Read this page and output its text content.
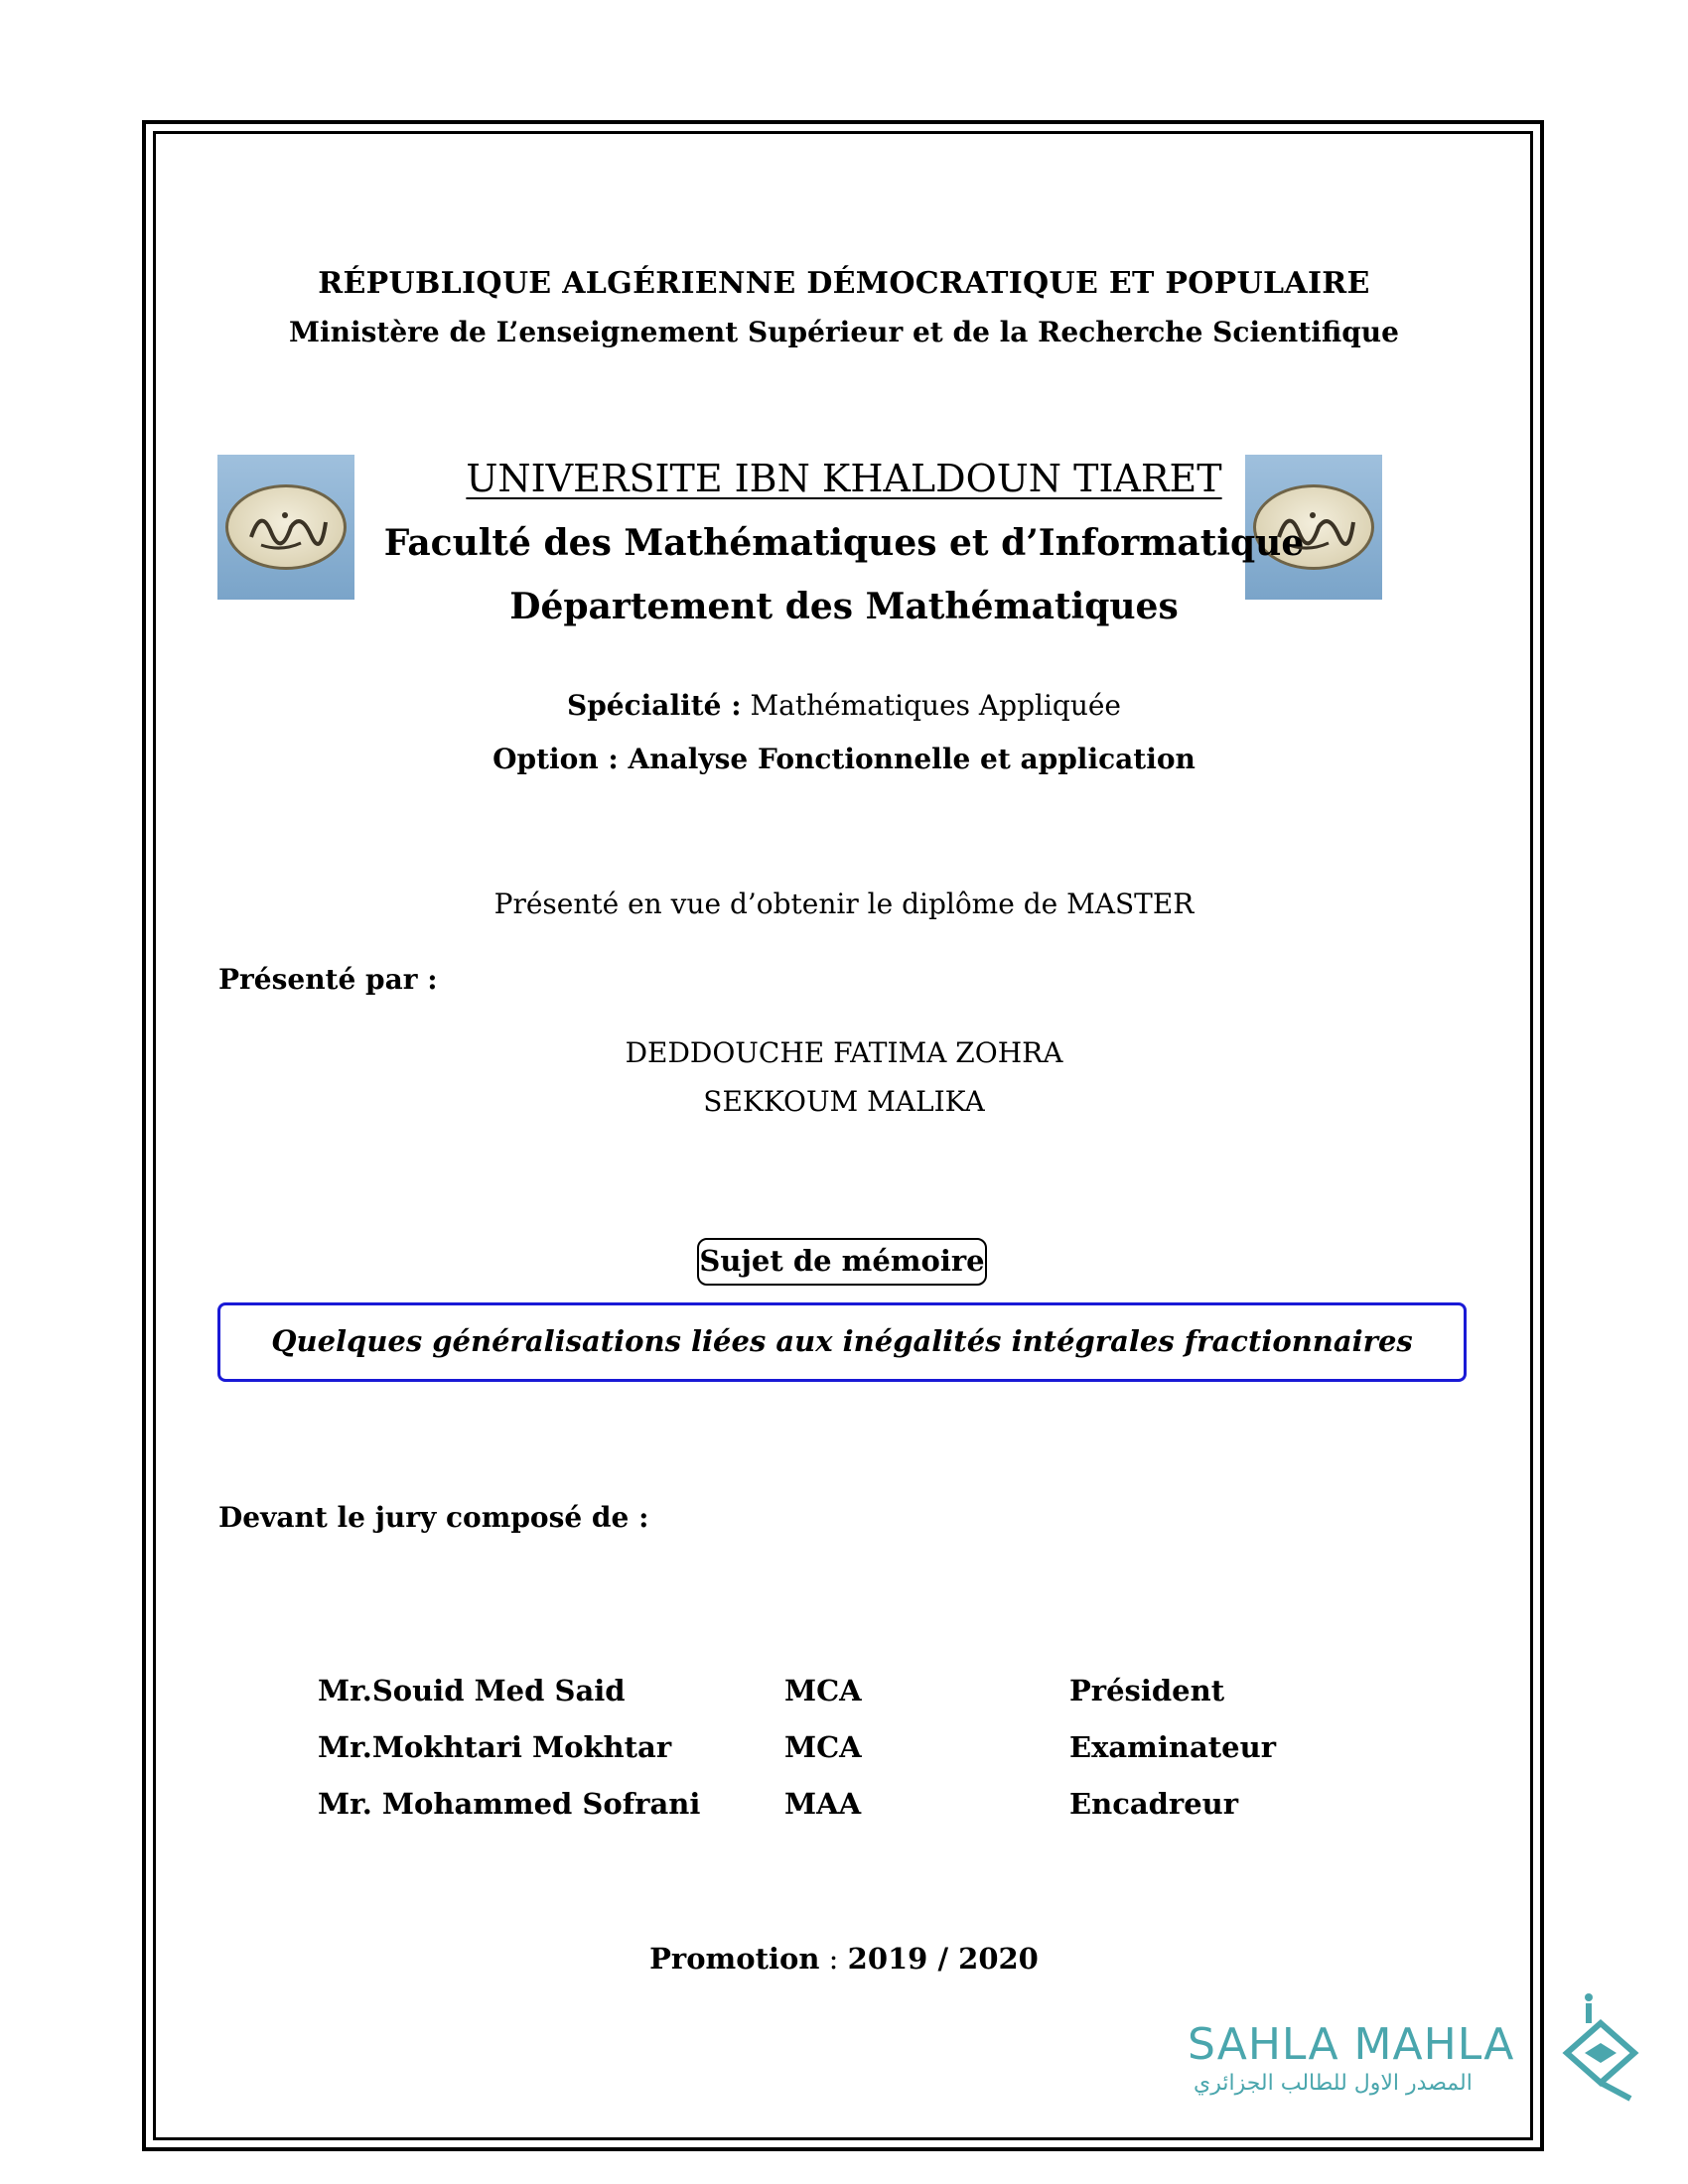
RÉPUBLIQUE ALGÉRIENNE DÉMOCRATIQUE ET POPULAIRE
Ministère de L’enseignement Supérieur et de la Recherche Scientifique
UNIVERSITE IBN KHALDOUN TIARET
Faculté des Mathématiques et d’Informatique
Département des Mathématiques
Spécialité : Mathématiques Appliquée
Option : Analyse Fonctionnelle et application
Présenté en vue d’obtenir le diplôme de MASTER
Présenté par :
DEDDOUCHE FATIMA ZOHRA
SEKKOUM MALIKA
Sujet de mémoire
Quelques généralisations liées aux inégalités intégrales fractionnaires
Devant le jury composé de :
Mr.Souid Med Said	MCA	Président
Mr.Mokhtari Mokhtar	MCA	Examinateur
Mr. Mohammed Sofrani	MAA	Encadreur
Promotion : 2019 / 2020
SAHLA MAHLA
المصدر الاول للطالب الجزائري
